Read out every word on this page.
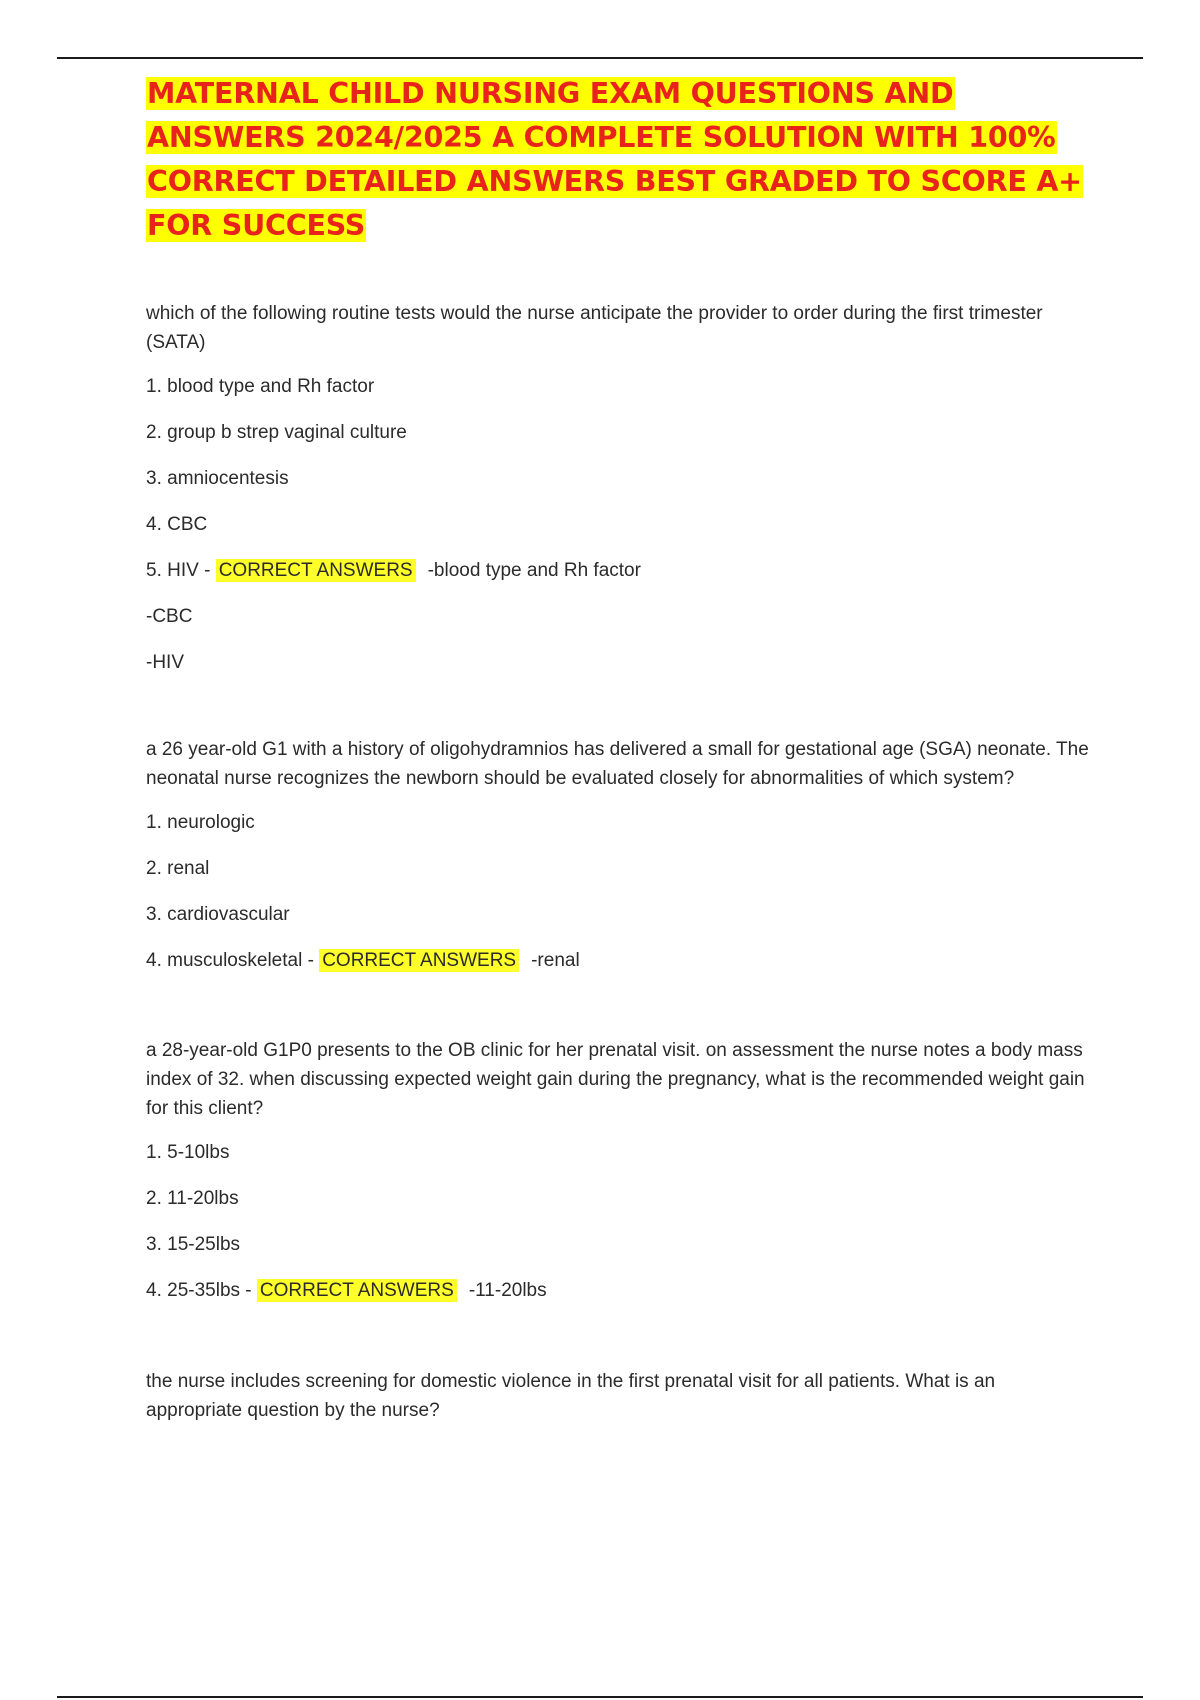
MATERNAL CHILD NURSING EXAM QUESTIONS AND ANSWERS 2024/2025 A COMPLETE SOLUTION WITH 100% CORRECT DETAILED ANSWERS BEST GRADED TO SCORE A+ FOR SUCCESS

which of the following routine tests would the nurse anticipate the provider to order during the first trimester (SATA)

1. blood type and Rh factor

2. group b strep vaginal culture

3. amniocentesis

4. CBC

5. HIV - CORRECT ANSWERS -blood type and Rh factor

-CBC

-HIV

a 26 year-old G1 with a history of oligohydramnios has delivered a small for gestational age (SGA) neonate. The neonatal nurse recognizes the newborn should be evaluated closely for abnormalities of which system?

1. neurologic

2. renal

3. cardiovascular

4. musculoskeletal - CORRECT ANSWERS -renal

a 28-year-old G1P0 presents to the OB clinic for her prenatal visit. on assessment the nurse notes a body mass index of 32. when discussing expected weight gain during the pregnancy, what is the recommended weight gain for this client?

1. 5-10lbs

2. 11-20lbs

3. 15-25lbs

4. 25-35lbs - CORRECT ANSWERS -11-20lbs

the nurse includes screening for domestic violence in the first prenatal visit for all patients. What is an appropriate question by the nurse?
